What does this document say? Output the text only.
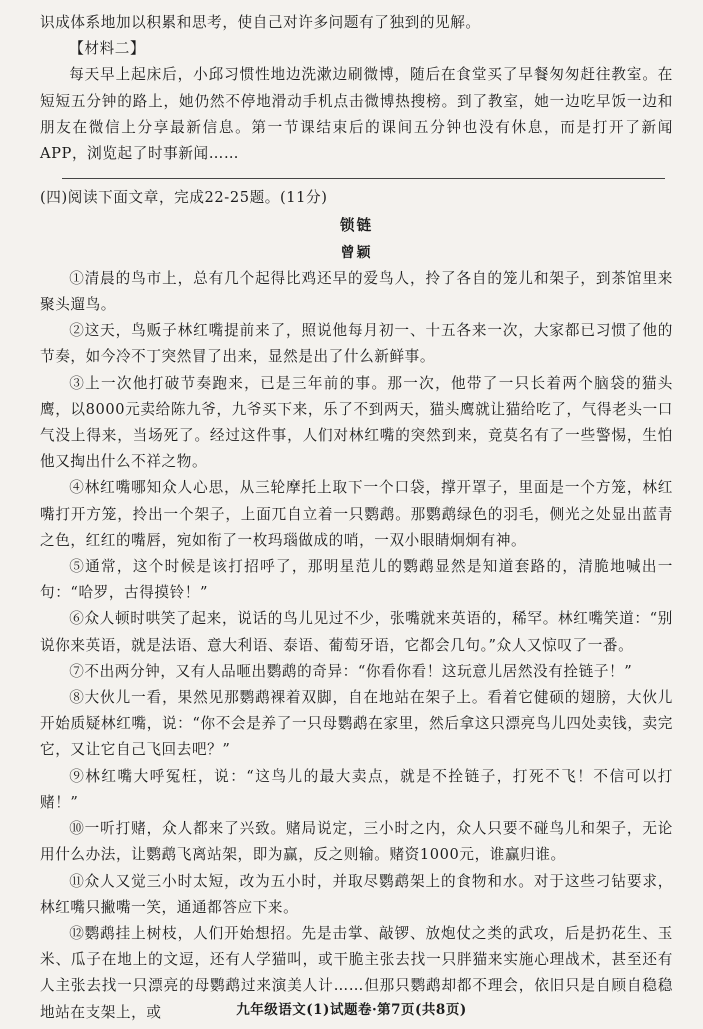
识成体系地加以积累和思考，使自己对许多问题有了独到的见解。

【材料二】

每天早上起床后，小邱习惯性地边洗漱边刷微博，随后在食堂买了早餐匆匆赶往教室。在短短五分钟的路上，她仍然不停地滑动手机点击微博热搜榜。到了教室，她一边吃早饭一边和朋友在微信上分享最新信息。第一节课结束后的课间五分钟也没有休息，而是打开了新闻APP，浏览起了时事新闻……

(四)阅读下面文章，完成22-25题。(11分)

锁链

曾颖

①清晨的鸟市上，总有几个起得比鸡还早的爱鸟人，拎了各自的笼儿和架子，到茶馆里来聚头遛鸟。

②这天，鸟贩子林红嘴提前来了，照说他每月初一、十五各来一次，大家都已习惯了他的节奏，如今冷不丁突然冒了出来，显然是出了什么新鲜事。

③上一次他打破节奏跑来，已是三年前的事。那一次，他带了一只长着两个脑袋的猫头鹰，以8000元卖给陈九爷，九爷买下来，乐了不到两天，猫头鹰就让猫给吃了，气得老头一口气没上得来，当场死了。经过这件事，人们对林红嘴的突然到来，竟莫名有了一些警惕，生怕他又掏出什么不祥之物。

④林红嘴哪知众人心思，从三轮摩托上取下一个口袋，撑开罩子，里面是一个方笼，林红嘴打开方笼，拎出一个架子，上面兀自立着一只鹦鹉。那鹦鹉绿色的羽毛，侧光之处显出蓝青之色，红红的嘴唇，宛如衔了一枚玛瑙做成的哨，一双小眼睛炯炯有神。

⑤通常，这个时候是该打招呼了，那明星范儿的鹦鹉显然是知道套路的，清脆地喊出一句：“哈罗，古得摸铃！”

⑥众人顿时哄笑了起来，说话的鸟儿见过不少，张嘴就来英语的，稀罕。林红嘴笑道：“别说你来英语，就是法语、意大利语、泰语、葡萄牙语，它都会几句。”众人又惊叹了一番。

⑦不出两分钟，又有人品咂出鹦鹉的奇异：“你看你看！这玩意儿居然没有拴链子！”

⑧大伙儿一看，果然见那鹦鹉裸着双脚，自在地站在架子上。看着它健硕的翅膀，大伙儿开始质疑林红嘴，说：“你不会是养了一只母鹦鹉在家里，然后拿这只漂亮鸟儿四处卖钱，卖完它，又让它自己飞回去吧？”

⑨林红嘴大呼冤枉，说：“这鸟儿的最大卖点，就是不拴链子，打死不飞！不信可以打赌！”

⑩一听打赌，众人都来了兴致。赌局说定，三小时之内，众人只要不碰鸟儿和架子，无论用什么办法，让鹦鹉飞离站架，即为赢，反之则输。赌资1000元，谁赢归谁。

⑪众人又觉三小时太短，改为五小时，并取尽鹦鹉架上的食物和水。对于这些刁钻要求，林红嘴只撇嘴一笑，通通都答应下来。

⑫鹦鹉挂上树枝，人们开始想招。先是击掌、敲锣、放炮仗之类的武攻，后是扔花生、玉米、瓜子在地上的文逗，还有人学猫叫，或干脆主张去找一只胖猫来实施心理战术，甚至还有人主张去找一只漂亮的母鹦鹉过来演美人计……但那只鹦鹉却都不理会，依旧只是自顾自稳稳地站在支架上，或	九年级语文(1)试题卷·第7页(共8页)
